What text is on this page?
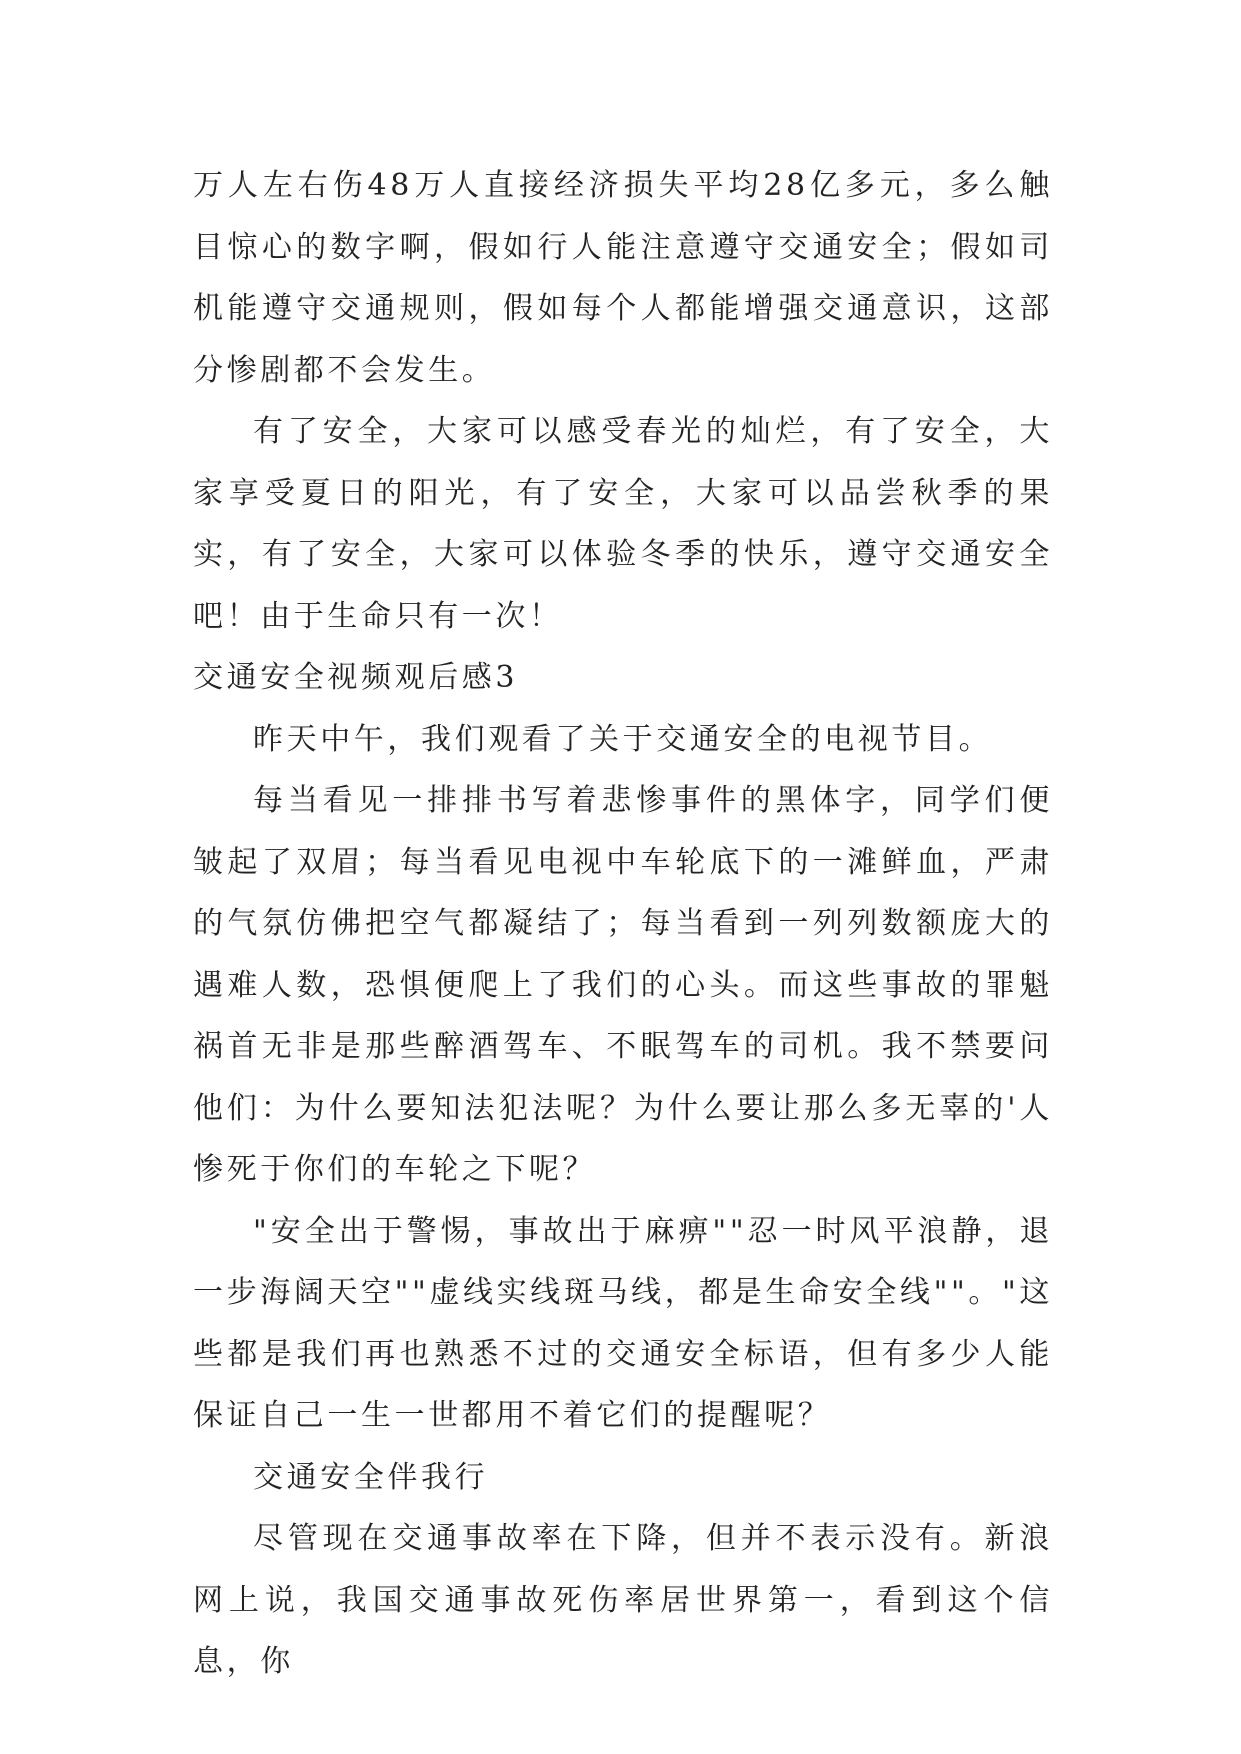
万人左右伤48万人直接经济损失平均28亿多元，多么触目惊心的数字啊，假如行人能注意遵守交通安全；假如司机能遵守交通规则，假如每个人都能增强交通意识，这部分惨剧都不会发生。

有了安全，大家可以感受春光的灿烂，有了安全，大家享受夏日的阳光，有了安全，大家可以品尝秋季的果实，有了安全，大家可以体验冬季的快乐，遵守交通安全吧！由于生命只有一次！

交通安全视频观后感3

昨天中午，我们观看了关于交通安全的电视节目。

每当看见一排排书写着悲惨事件的黑体字，同学们便皱起了双眉；每当看见电视中车轮底下的一滩鲜血，严肃的气氛仿佛把空气都凝结了；每当看到一列列数额庞大的遇难人数，恐惧便爬上了我们的心头。而这些事故的罪魁祸首无非是那些醉酒驾车、不眠驾车的司机。我不禁要问他们：为什么要知法犯法呢？为什么要让那么多无辜的'人惨死于你们的车轮之下呢？

"安全出于警惕，事故出于麻痹""忍一时风平浪静，退一步海阔天空""虚线实线斑马线，都是生命安全线""。"这些都是我们再也熟悉不过的交通安全标语，但有多少人能保证自己一生一世都用不着它们的提醒呢？

交通安全伴我行

尽管现在交通事故率在下降，但并不表示没有。新浪网上说，我国交通事故死伤率居世界第一，看到这个信息，你
